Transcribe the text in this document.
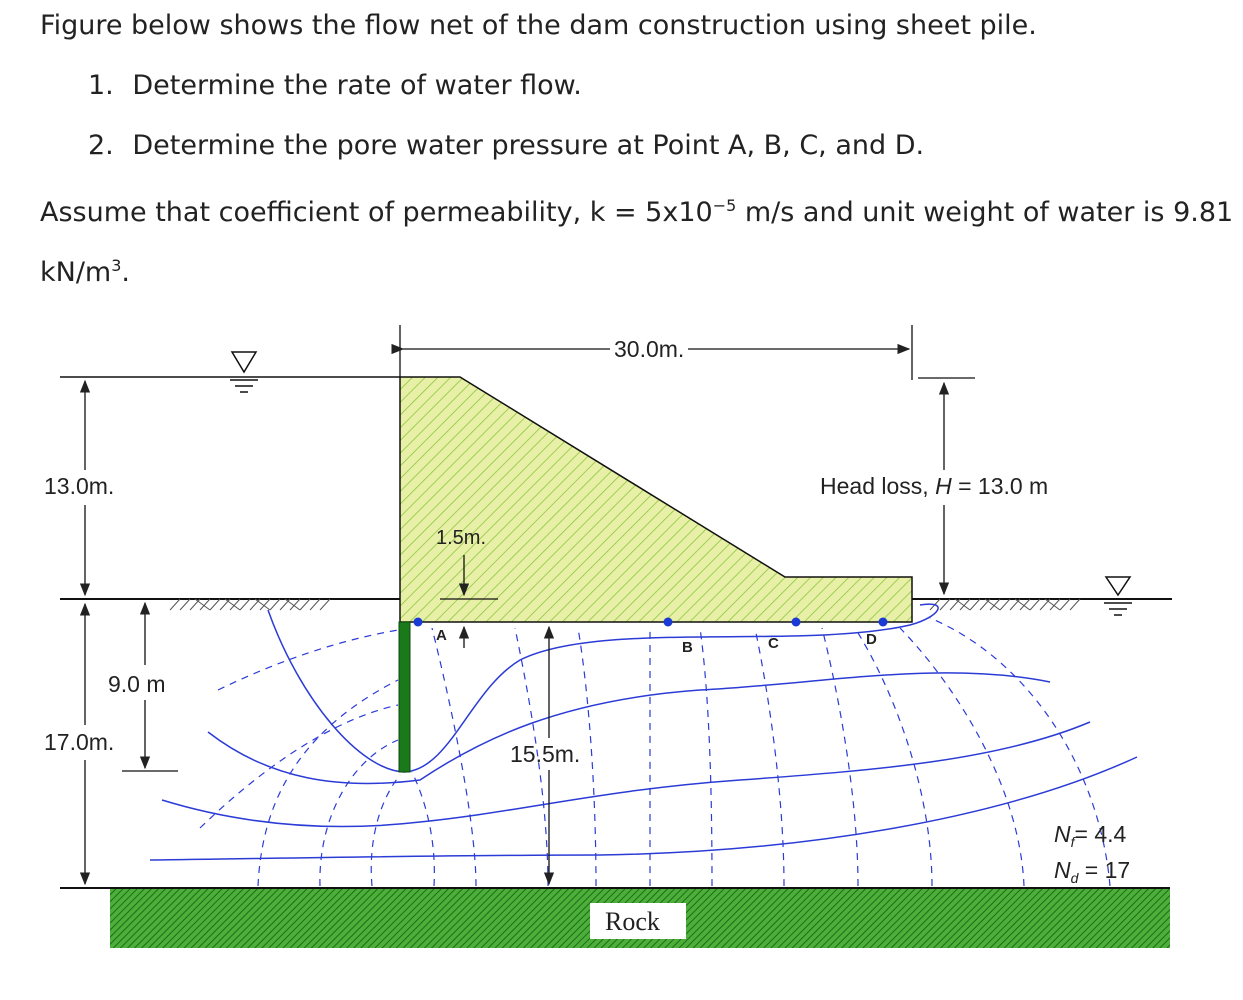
Figure below shows the flow net of the dam construction using sheet pile.
1. Determine the rate of water flow.
2. Determine the pore water pressure at Point A, B, C, and D.
Assume that coefficient of permeability, $k = 5x10^{-5}$ m/s and unit weight of water is 9.81
$kN/m^3$.
Rock
A
B	C	D
30.0m.
Head loss, H = 13.0 m
13.0m.
1.5m.
9.0 m
17.0m.	15.5m.
$N_f= 4.4$
$N_d = 17$
